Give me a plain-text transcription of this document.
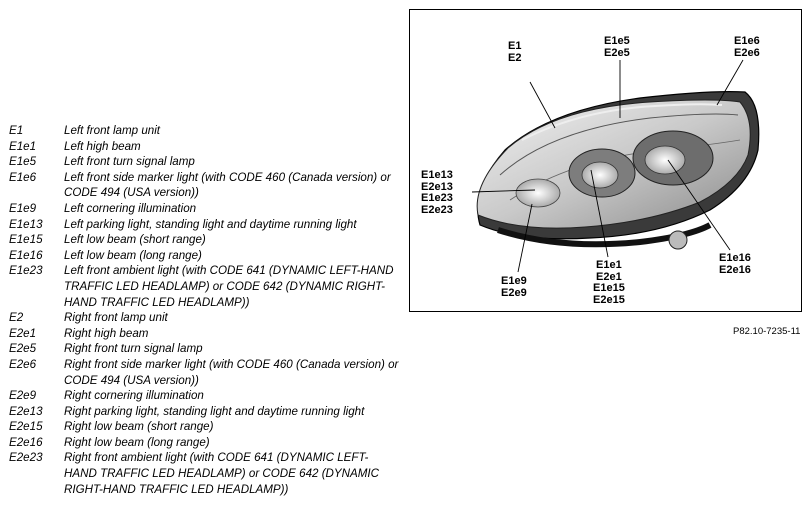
E1	Left front lamp unit
E1e1	Left high beam
E1e5	Left front turn signal lamp
E1e6	Left front side marker light (with CODE 460 (Canada version) or CODE 494 (USA version))
E1e9	Left cornering illumination
E1e13	Left parking light, standing light and daytime running light
E1e15	Left low beam (short range)
E1e16	Left low beam (long range)
E1e23	Left front ambient light (with CODE 641 (DYNAMIC LEFT-HAND TRAFFIC LED HEADLAMP) or CODE 642 (DYNAMIC RIGHT-HAND TRAFFIC LED HEADLAMP))
E2	Right front lamp unit
E2e1	Right high beam
E2e5	Right front turn signal lamp
E2e6	Right front side marker light (with CODE 460 (Canada version) or CODE 494 (USA version))
E2e9	Right cornering illumination
E2e13	Right parking light, standing light and daytime running light
E2e15	Right low beam (short range)
E2e16	Right low beam (long range)
E2e23	Right front ambient light (with CODE 641 (DYNAMIC LEFT-HAND TRAFFIC LED HEADLAMP) or CODE 642 (DYNAMIC RIGHT-HAND TRAFFIC LED HEADLAMP))
E1
E2
E1e5
E2e5
E1e6
E2e6
E1e13
E2e13
E1e23
E2e23
E1e9
E2e9
E1e1
E2e1
E1e15
E2e15
E1e16
E2e16
P82.10-7235-11
